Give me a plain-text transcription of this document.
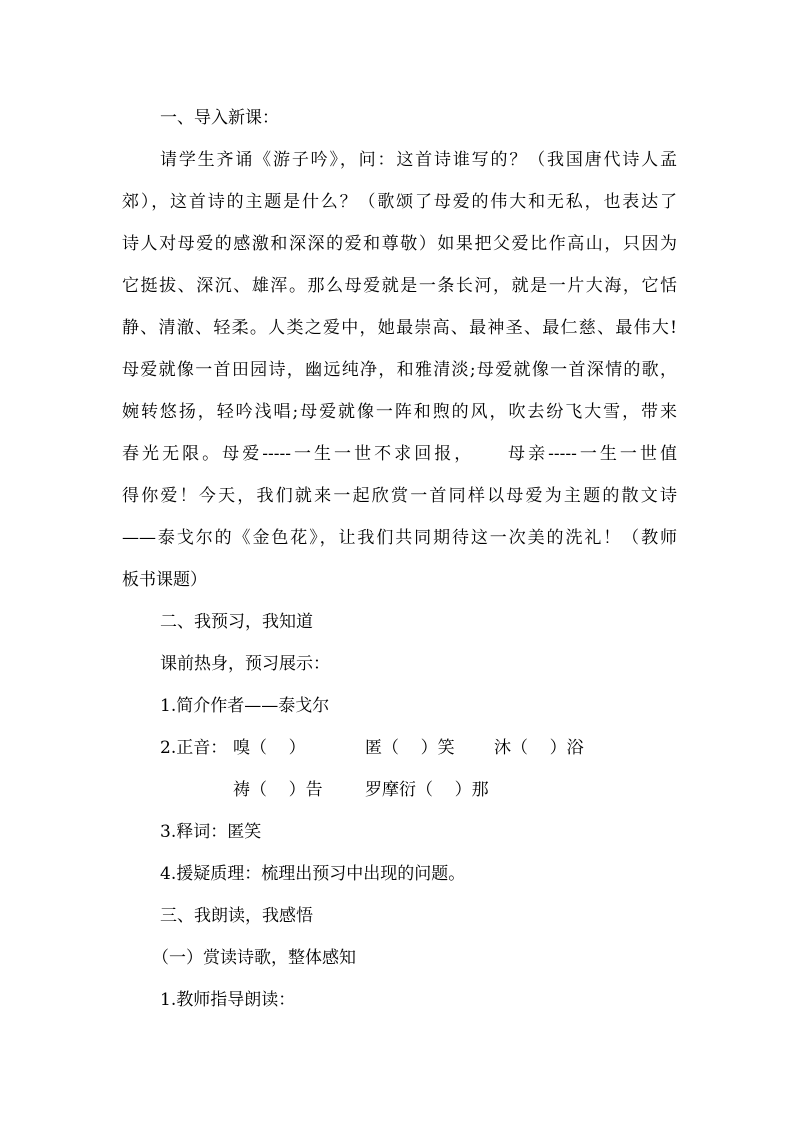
一、导入新课：
请学生齐诵《游子吟》，问：这首诗谁写的？（我国唐代诗人孟
郊），这首诗的主题是什么？（歌颂了母爱的伟大和无私，也表达了
诗人对母爱的感激和深深的爱和尊敬）如果把父爱比作高山，只因为
它挺拔、深沉、雄浑。那么母爱就是一条长河，就是一片大海，它恬
静、清澈、轻柔。人类之爱中，她最崇高、最神圣、最仁慈、最伟大!
母爱就像一首田园诗，幽远纯净，和雅清淡;母爱就像一首深情的歌，
婉转悠扬，轻吟浅唱;母爱就像一阵和煦的风，吹去纷飞大雪，带来
春光无限。母爱-----一生一世不求回报，    母亲-----一生一世值
得你爱！今天，我们就来一起欣赏一首同样以母爱为主题的散文诗
——泰戈尔的《金色花》，让我们共同期待这一次美的洗礼！（教师
板书课题）
二、我预习，我知道
课前热身，预习展示：
1.简介作者——泰戈尔
2.正音： 嗅（    ）	匿（    ）笑 沐（    ）浴
祷（    ）告 罗摩衍（    ）那
3.释词：匿笑
4.援疑质理：梳理出预习中出现的问题。
三、我朗读，我感悟
（一）赏读诗歌，整体感知
1.教师指导朗读：
